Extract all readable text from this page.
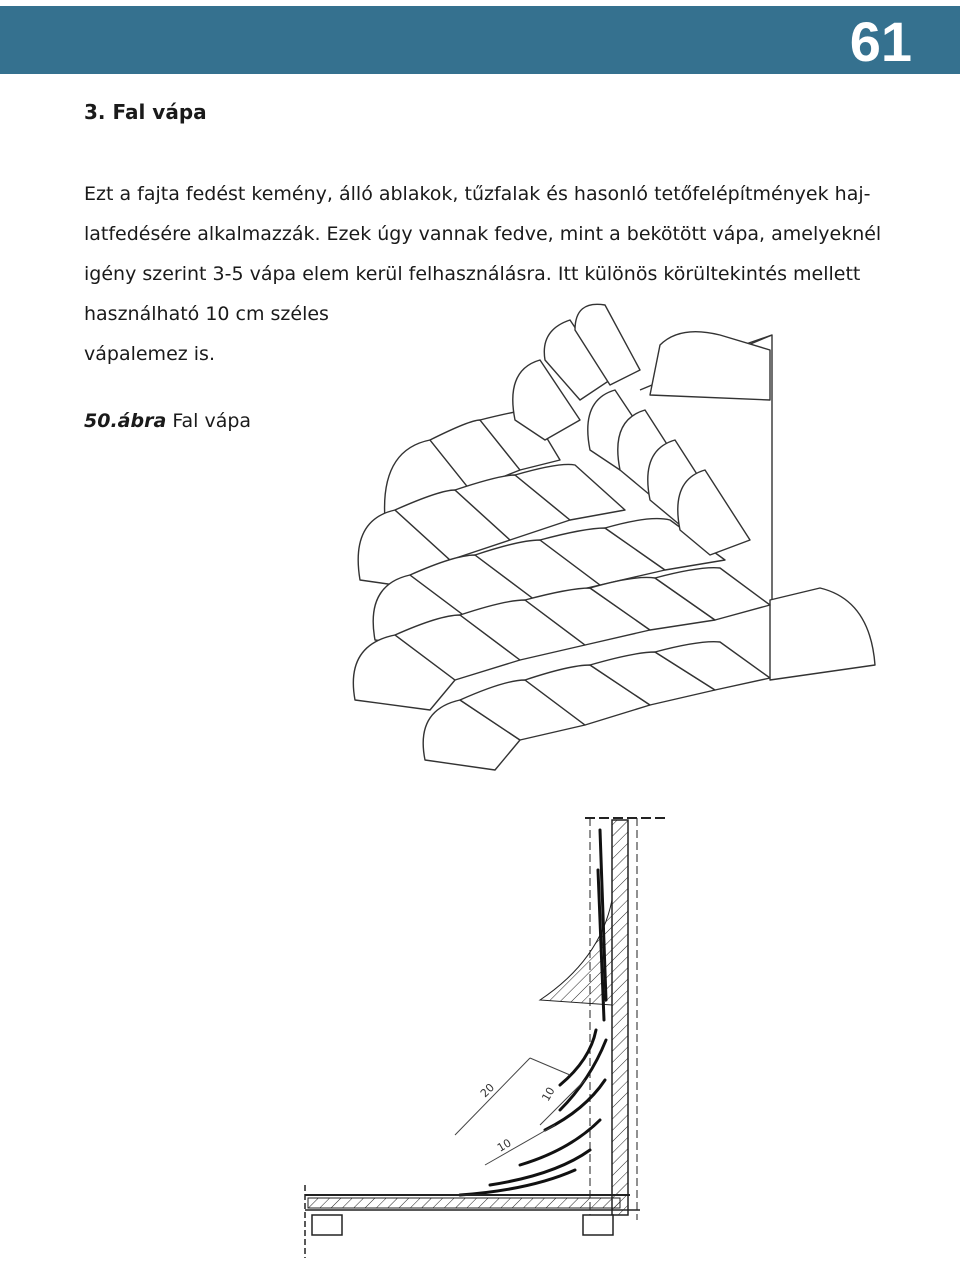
61
3. Fal vápa
Ezt a fajta fedést kemény, álló ablakok, tűzfalak és hasonló tetőfelépítmények haj-
latfedésére alkalmazzák. Ezek úgy vannak fedve, mint a bekötött vápa, amelyeknél
igény szerint 3-5 vápa elem kerül felhasználásra. Itt különös körültekintés mellett
használható 10 cm széles
vápalemez is.
50.ábra Fal vápa
20
10
10
